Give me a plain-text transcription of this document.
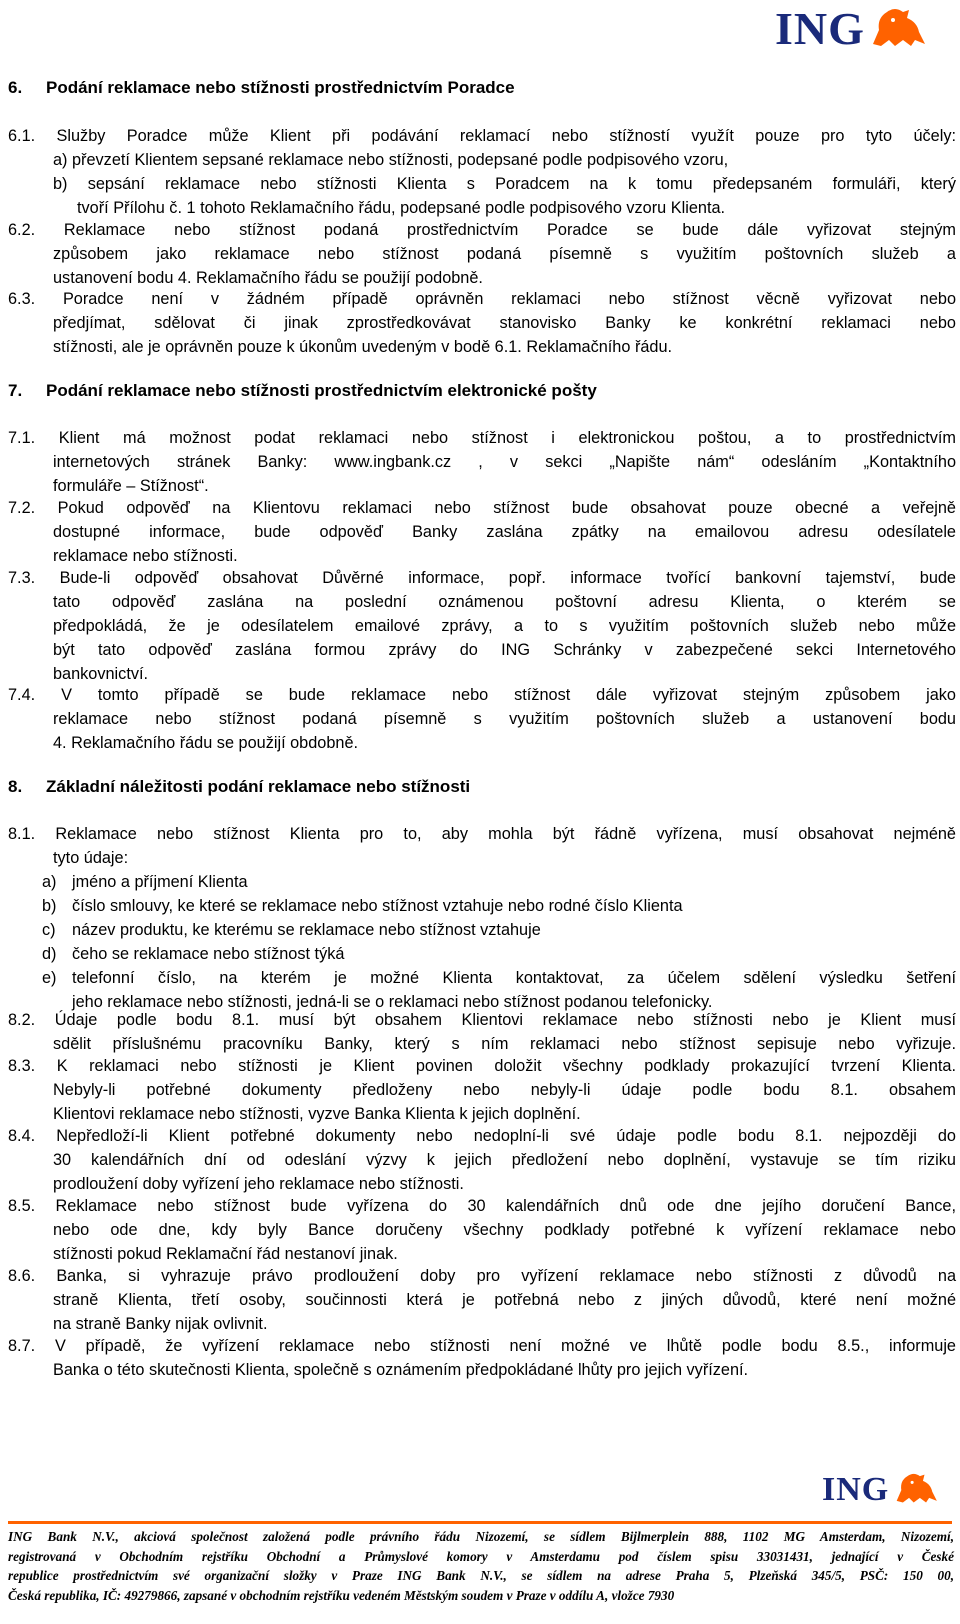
ING
6. Podání reklamace nebo stížnosti prostřednictvím Poradce
6.1. Služby Poradce může Klient při podávání reklamací nebo stížností využít pouze pro tyto účely:
a) převzetí Klientem sepsané reklamace nebo stížnosti, podepsané podle podpisového vzoru,
b) sepsání reklamace nebo stížnosti Klienta s Poradcem na k tomu předepsaném formuláři, který
tvoří Přílohu č. 1 tohoto Reklamačního řádu, podepsané podle podpisového vzoru Klienta.
6.2. Reklamace nebo stížnost podaná prostřednictvím Poradce se bude dále vyřizovat stejným
způsobem jako reklamace nebo stížnost podaná písemně s využitím poštovních služeb a
ustanovení bodu 4. Reklamačního řádu se použijí podobně.
6.3. Poradce není v žádném případě oprávněn reklamaci nebo stížnost věcně vyřizovat nebo
předjímat, sdělovat či jinak zprostředkovávat stanovisko Banky ke konkrétní reklamaci nebo
stížnosti, ale je oprávněn pouze k úkonům uvedeným v bodě 6.1. Reklamačního řádu.
7. Podání reklamace nebo stížnosti prostřednictvím elektronické pošty
7.1. Klient má možnost podat reklamaci nebo stížnost i elektronickou poštou, a to prostřednictvím
internetových stránek Banky: www.ingbank.cz , v sekci „Napište nám“ odesláním „Kontaktního
formuláře – Stížnost“.
7.2. Pokud odpověď na Klientovu reklamaci nebo stížnost bude obsahovat pouze obecné a veřejně
dostupné informace, bude odpověď Banky zaslána zpátky na emailovou adresu odesílatele
reklamace nebo stížnosti.
7.3. Bude-li odpověď obsahovat Důvěrné informace, popř. informace tvořící bankovní tajemství, bude
tato odpověď zaslána na poslední oznámenou poštovní adresu Klienta, o kterém se
předpokládá, že je odesílatelem emailové zprávy, a to s využitím poštovních služeb nebo může
být tato odpověď zaslána formou zprávy do ING Schránky v zabezpečené sekci Internetového
bankovnictví.
7.4. V tomto případě se bude reklamace nebo stížnost dále vyřizovat stejným způsobem jako
reklamace nebo stížnost podaná písemně s využitím poštovních služeb a ustanovení bodu
4. Reklamačního řádu se použijí obdobně.
8. Základní náležitosti podání reklamace nebo stížnosti
8.1. Reklamace nebo stížnost Klienta pro to, aby mohla být řádně vyřízena, musí obsahovat nejméně
tyto údaje:
a) jméno a příjmení Klienta
b) číslo smlouvy, ke které se reklamace nebo stížnost vztahuje nebo rodné číslo Klienta
c) název produktu, ke kterému se reklamace nebo stížnost vztahuje
d) čeho se reklamace nebo stížnost týká
e) telefonní číslo, na kterém je možné Klienta kontaktovat, za účelem sdělení výsledku šetření
jeho reklamace nebo stížnosti, jedná-li se o reklamaci nebo stížnost podanou telefonicky.
8.2. Údaje podle bodu 8.1. musí být obsahem Klientovi reklamace nebo stížnosti nebo je Klient musí
sdělit příslušnému pracovníku Banky, který s ním reklamaci nebo stížnost sepisuje nebo vyřizuje.
8.3. K reklamaci nebo stížnosti je Klient povinen doložit všechny podklady prokazující tvrzení Klienta.
Nebyly-li potřebné dokumenty předloženy nebo nebyly-li údaje podle bodu 8.1. obsahem
Klientovi reklamace nebo stížnosti, vyzve Banka Klienta k jejich doplnění.
8.4. Nepředloží-li Klient potřebné dokumenty nebo nedoplní-li své údaje podle bodu 8.1. nejpozději do
30 kalendářních dní od odeslání výzvy k jejich předložení nebo doplnění, vystavuje se tím riziku
prodloužení doby vyřízení jeho reklamace nebo stížnosti.
8.5. Reklamace nebo stížnost bude vyřízena do 30 kalendářních dnů ode dne jejího doručení Bance,
nebo ode dne, kdy byly Bance doručeny všechny podklady potřebné k vyřízení reklamace nebo
stížnosti pokud Reklamační řád nestanoví jinak.
8.6. Banka, si vyhrazuje právo prodloužení doby pro vyřízení reklamace nebo stížnosti z důvodů na
straně Klienta, třetí osoby, součinnosti která je potřebná nebo z jiných důvodů, které není možné
na straně Banky nijak ovlivnit.
8.7. V případě, že vyřízení reklamace nebo stížnosti není možné ve lhůtě podle bodu 8.5., informuje
Banka o této skutečnosti Klienta, společně s oznámením předpokládané lhůty pro jejich vyřízení.
ING
ING Bank N.V., akciová společnost založená podle právního řádu Nizozemí, se sídlem Bijlmerplein 888, 1102 MG Amsterdam, Nizozemí,
registrovaná v Obchodním rejstříku Obchodní a Průmyslové komory v Amsterdamu pod číslem spisu 33031431, jednající v České
republice prostřednictvím své organizační složky v Praze ING Bank N.V., se sídlem na adrese Praha 5, Plzeňská 345/5, PSČ: 150 00,
Česká republika, IČ: 49279866, zapsané v obchodním rejstříku vedeném Městským soudem v Praze v oddílu A, vložce 7930
